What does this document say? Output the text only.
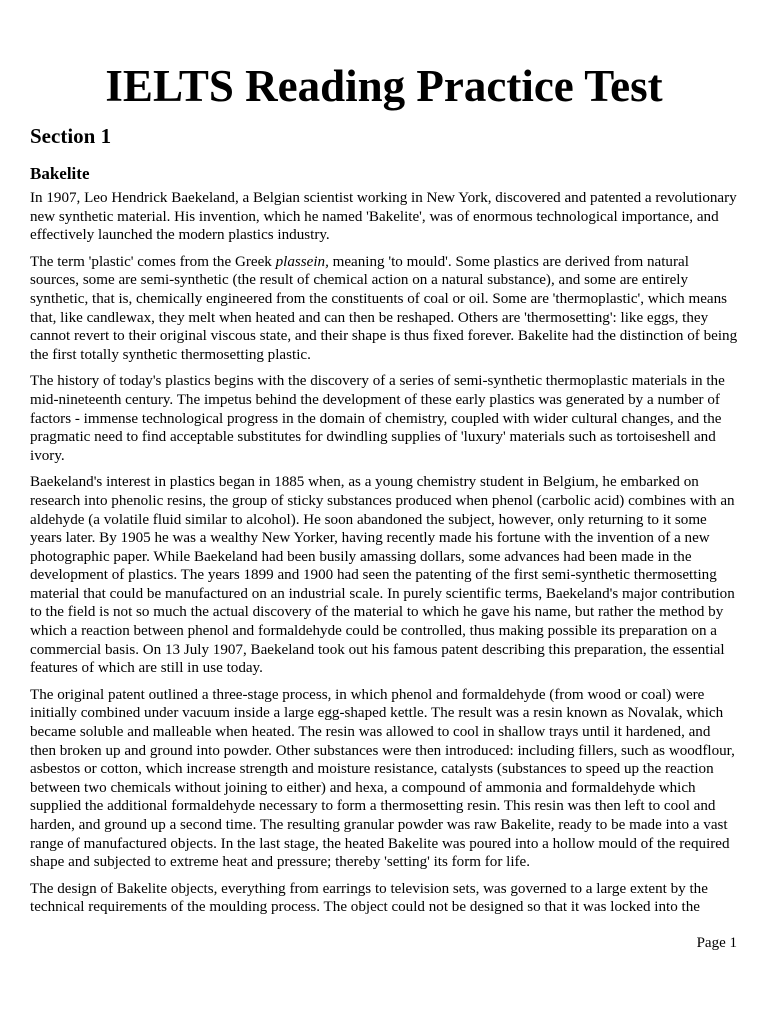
IELTS Reading Practice Test
Section 1
Bakelite

In 1907, Leo Hendrick Baekeland, a Belgian scientist working in New York, discovered and patented a revolutionary new synthetic material. His invention, which he named 'Bakelite', was of enormous technological importance, and effectively launched the modern plastics industry.

The term 'plastic' comes from the Greek plassein, meaning 'to mould'. Some plastics are derived from natural sources, some are semi-synthetic (the result of chemical action on a natural substance), and some are entirely synthetic, that is, chemically engineered from the constituents of coal or oil. Some are 'thermoplastic', which means that, like candlewax, they melt when heated and can then be reshaped. Others are 'thermosetting': like eggs, they cannot revert to their original viscous state, and their shape is thus fixed forever. Bakelite had the distinction of being the first totally synthetic thermosetting plastic.

The history of today's plastics begins with the discovery of a series of semi-synthetic thermoplastic materials in the mid-nineteenth century. The impetus behind the development of these early plastics was generated by a number of factors - immense technological progress in the domain of chemistry, coupled with wider cultural changes, and the pragmatic need to find acceptable substitutes for dwindling supplies of 'luxury' materials such as tortoiseshell and ivory.

Baekeland's interest in plastics began in 1885 when, as a young chemistry student in Belgium, he embarked on research into phenolic resins, the group of sticky substances produced when phenol (carbolic acid) combines with an aldehyde (a volatile fluid similar to alcohol). He soon abandoned the subject, however, only returning to it some years later. By 1905 he was a wealthy New Yorker, having recently made his fortune with the invention of a new photographic paper. While Baekeland had been busily amassing dollars, some advances had been made in the development of plastics. The years 1899 and 1900 had seen the patenting of the first semi-synthetic thermosetting material that could be manufactured on an industrial scale. In purely scientific terms, Baekeland's major contribution to the field is not so much the actual discovery of the material to which he gave his name, but rather the method by which a reaction between phenol and formaldehyde could be controlled, thus making possible its preparation on a commercial basis. On 13 July 1907, Baekeland took out his famous patent describing this preparation, the essential features of which are still in use today.

The original patent outlined a three-stage process, in which phenol and formaldehyde (from wood or coal) were initially combined under vacuum inside a large egg-shaped kettle. The result was a resin known as Novalak, which became soluble and malleable when heated. The resin was allowed to cool in shallow trays until it hardened, and then broken up and ground into powder. Other substances were then introduced: including fillers, such as woodflour, asbestos or cotton, which increase strength and moisture resistance, catalysts (substances to speed up the reaction between two chemicals without joining to either) and hexa, a compound of ammonia and formaldehyde which supplied the additional formaldehyde necessary to form a thermosetting resin. This resin was then left to cool and harden, and ground up a second time. The resulting granular powder was raw Bakelite, ready to be made into a vast range of manufactured objects. In the last stage, the heated Bakelite was poured into a hollow mould of the required shape and subjected to extreme heat and pressure; thereby 'setting' its form for life.

The design of Bakelite objects, everything from earrings to television sets, was governed to a large extent by the technical requirements of the moulding process. The object could not be designed so that it was locked into the

Page 1
